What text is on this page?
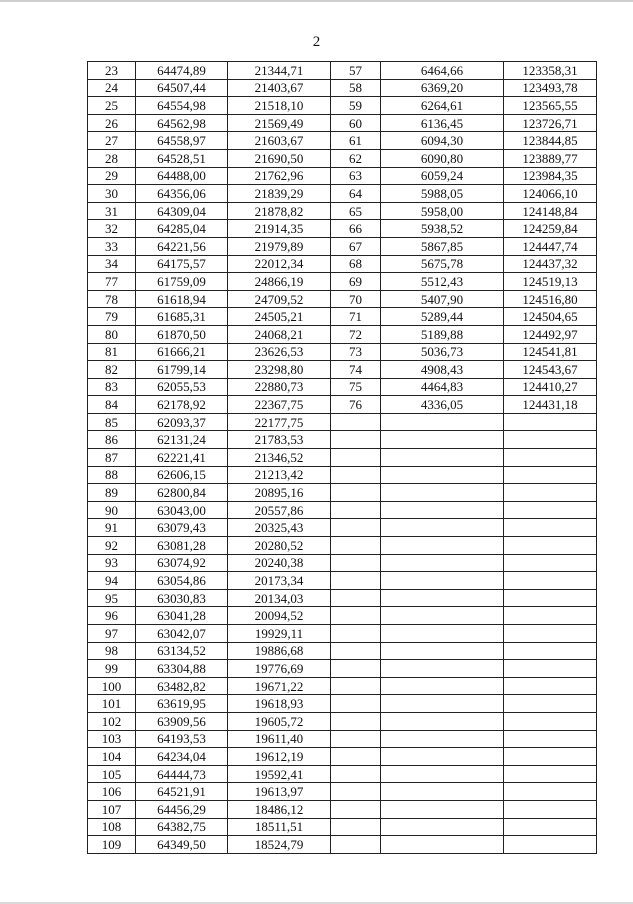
2
23	64474,89	21344,71	57	6464,66	123358,31
24	64507,44	21403,67	58	6369,20	123493,78
25	64554,98	21518,10	59	6264,61	123565,55
26	64562,98	21569,49	60	6136,45	123726,71
27	64558,97	21603,67	61	6094,30	123844,85
28	64528,51	21690,50	62	6090,80	123889,77
29	64488,00	21762,96	63	6059,24	123984,35
30	64356,06	21839,29	64	5988,05	124066,10
31	64309,04	21878,82	65	5958,00	124148,84
32	64285,04	21914,35	66	5938,52	124259,84
33	64221,56	21979,89	67	5867,85	124447,74
34	64175,57	22012,34	68	5675,78	124437,32
77	61759,09	24866,19	69	5512,43	124519,13
78	61618,94	24709,52	70	5407,90	124516,80
79	61685,31	24505,21	71	5289,44	124504,65
80	61870,50	24068,21	72	5189,88	124492,97
81	61666,21	23626,53	73	5036,73	124541,81
82	61799,14	23298,80	74	4908,43	124543,67
83	62055,53	22880,73	75	4464,83	124410,27
84	62178,92	22367,75	76	4336,05	124431,18
85	62093,37	22177,75			
86	62131,24	21783,53			
87	62221,41	21346,52			
88	62606,15	21213,42			
89	62800,84	20895,16			
90	63043,00	20557,86			
91	63079,43	20325,43			
92	63081,28	20280,52			
93	63074,92	20240,38			
94	63054,86	20173,34			
95	63030,83	20134,03			
96	63041,28	20094,52			
97	63042,07	19929,11			
98	63134,52	19886,68			
99	63304,88	19776,69			
100	63482,82	19671,22			
101	63619,95	19618,93			
102	63909,56	19605,72			
103	64193,53	19611,40			
104	64234,04	19612,19			
105	64444,73	19592,41			
106	64521,91	19613,97			
107	64456,29	18486,12			
108	64382,75	18511,51			
109	64349,50	18524,79			
